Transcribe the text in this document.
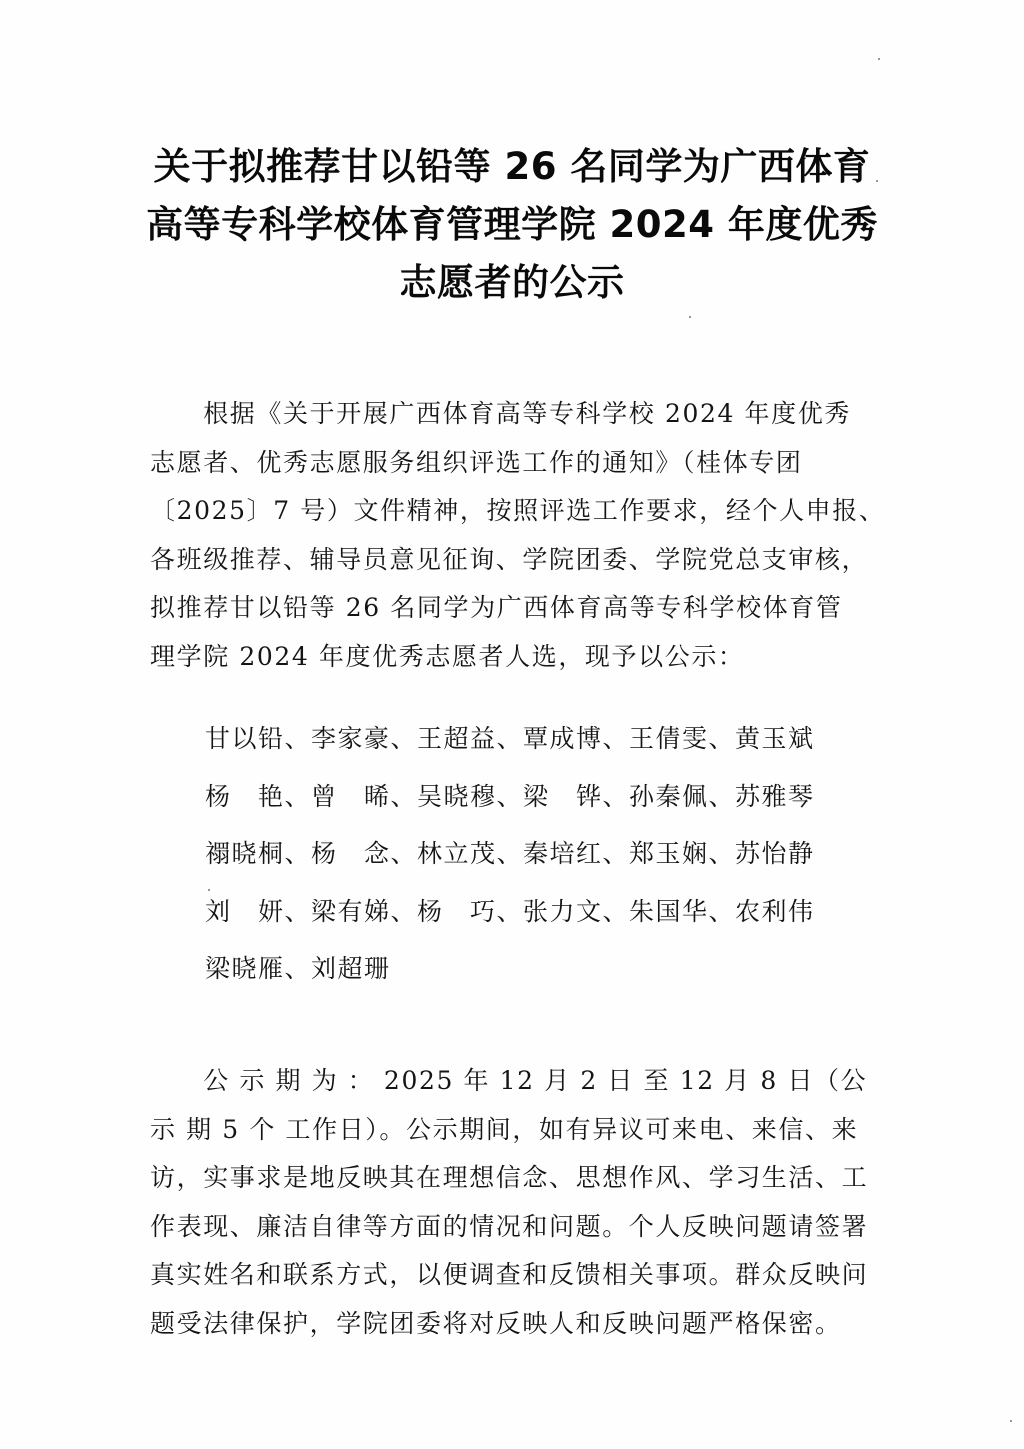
关于拟推荐甘以铅等 26 名同学为广西体育
高等专科学校体育管理学院 2024 年度优秀
志愿者的公示
　　根据《关于开展广西体育高等专科学校 2024 年度优秀
志愿者、优秀志愿服务组织评选工作的通知》（桂体专团
〔2025〕7 号）文件精神，按照评选工作要求，经个人申报、
各班级推荐、辅导员意见征询、学院团委、学院党总支审核，
拟推荐甘以铅等 26 名同学为广西体育高等专科学校体育管
理学院 2024 年度优秀志愿者人选，现予以公示：
甘以铅、李家豪、王超益、覃成博、王倩雯、黄玉斌
杨　艳、曾　晞、吴晓穆、梁　铧、孙秦佩、苏雅琴
禤晓桐、杨　念、林立茂、秦培红、郑玉娴、苏怡静
刘　妍、梁有娣、杨　巧、张力文、朱国华、农利伟
梁晓雁、刘超珊
　　公 示 期 为 ： 2025 年 12 月 2 日 至 12 月 8 日（公
示 期 5 个 工作日）。公示期间，如有异议可来电、来信、来
访，实事求是地反映其在理想信念、思想作风、学习生活、工
作表现、廉洁自律等方面的情况和问题。个人反映问题请签署
真实姓名和联系方式，以便调查和反馈相关事项。群众反映问
题受法律保护，学院团委将对反映人和反映问题严格保密。
